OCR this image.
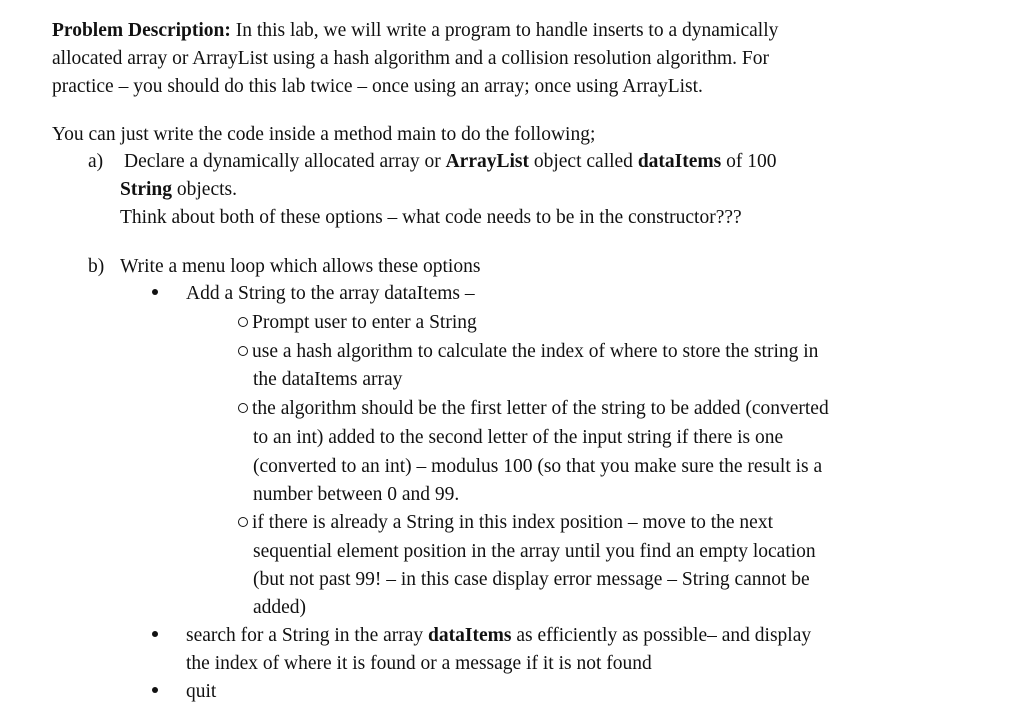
Problem Description: In this lab, we will write a program to handle inserts to a dynamically
allocated array or ArrayList using a hash algorithm and a collision resolution algorithm. For
practice – you should do this lab twice – once using an array; once using ArrayList.
You can just write the code inside a method main to do the following;
a) Declare a dynamically allocated array or ArrayList object called dataItems of 100
String objects.
Think about both of these options – what code needs to be in the constructor???
b) Write a menu loop which allows these options
Add a String to the array dataItems –
Prompt user to enter a String
use a hash algorithm to calculate the index of where to store the string in
the dataItems array
the algorithm should be the first letter of the string to be added (converted
to an int) added to the second letter of the input string if there is one
(converted to an int) – modulus 100 (so that you make sure the result is a
number between 0 and 99.
if there is already a String in this index position – move to the next
sequential element position in the array until you find an empty location
(but not past 99! – in this case display error message – String cannot be
added)
search for a String in the array dataItems as efficiently as possible– and display
the index of where it is found or a message if it is not found
quit
